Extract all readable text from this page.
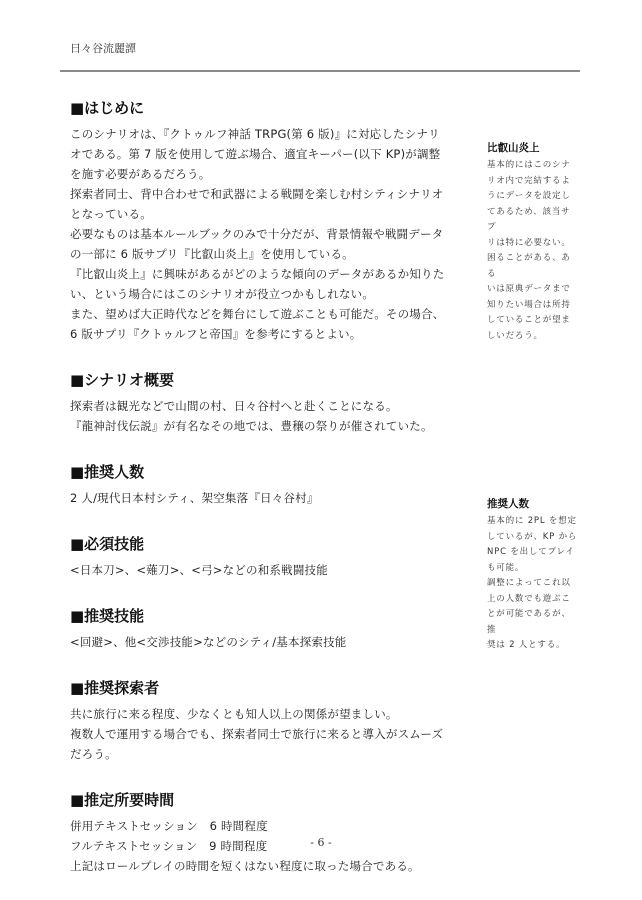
日々谷流麗譚
■はじめに

このシナリオは、『クトゥルフ神話 TRPG(第 6 版)』に対応したシナリ

オである。第 7 版を使用して遊ぶ場合、適宜キーパー(以下 KP)が調整

を施す必要があるだろう。

探索者同士、背中合わせで和武器による戦闘を楽しむ村シティシナリオ

となっている。

必要なものは基本ルールブックのみで十分だが、背景情報や戦闘データ

の一部に 6 版サプリ『比叡山炎上』を使用している。

『比叡山炎上』に興味があるがどのような傾向のデータがあるか知りた

い、という場合にはこのシナリオが役立つかもしれない。

また、望めば大正時代などを舞台にして遊ぶことも可能だ。その場合、

6 版サプリ『クトゥルフと帝国』を参考にするとよい。

■シナリオ概要

探索者は観光などで山間の村、日々谷村へと赴くことになる。

『龍神討伐伝説』が有名なその地では、豊穣の祭りが催されていた。

■推奨人数

2 人/現代日本村シティ、架空集落『日々谷村』

■必須技能

<日本刀>、<薙刀>、<弓>などの和系戦闘技能

■推奨技能

<回避>、他<交渉技能>などのシティ/基本探索技能

■推奨探索者

共に旅行に来る程度、少なくとも知人以上の関係が望ましい。

複数人で運用する場合でも、探索者同士で旅行に来ると導入がスムーズ

だろう。

■推定所要時間

併用テキストセッション　6 時間程度

フルテキストセッション　9 時間程度

上記はロールプレイの時間を短くはない程度に取った場合である。

比叡山炎上

基本的にはこのシナ

リオ内で完結するよ

うにデータを設定し

てあるため、該当サプ

リは特に必要ない。

困ることがある、ある

いは原典データまで

知りたい場合は所持

していることが望ま

しいだろう。

推奨人数

基本的に 2PL を想定

しているが、KP から

NPC を出してプレイ

も可能。

調整によってこれ以

上の人数でも遊ぶこ

とが可能であるが、推

奨は 2 人とする。

- 6 -
